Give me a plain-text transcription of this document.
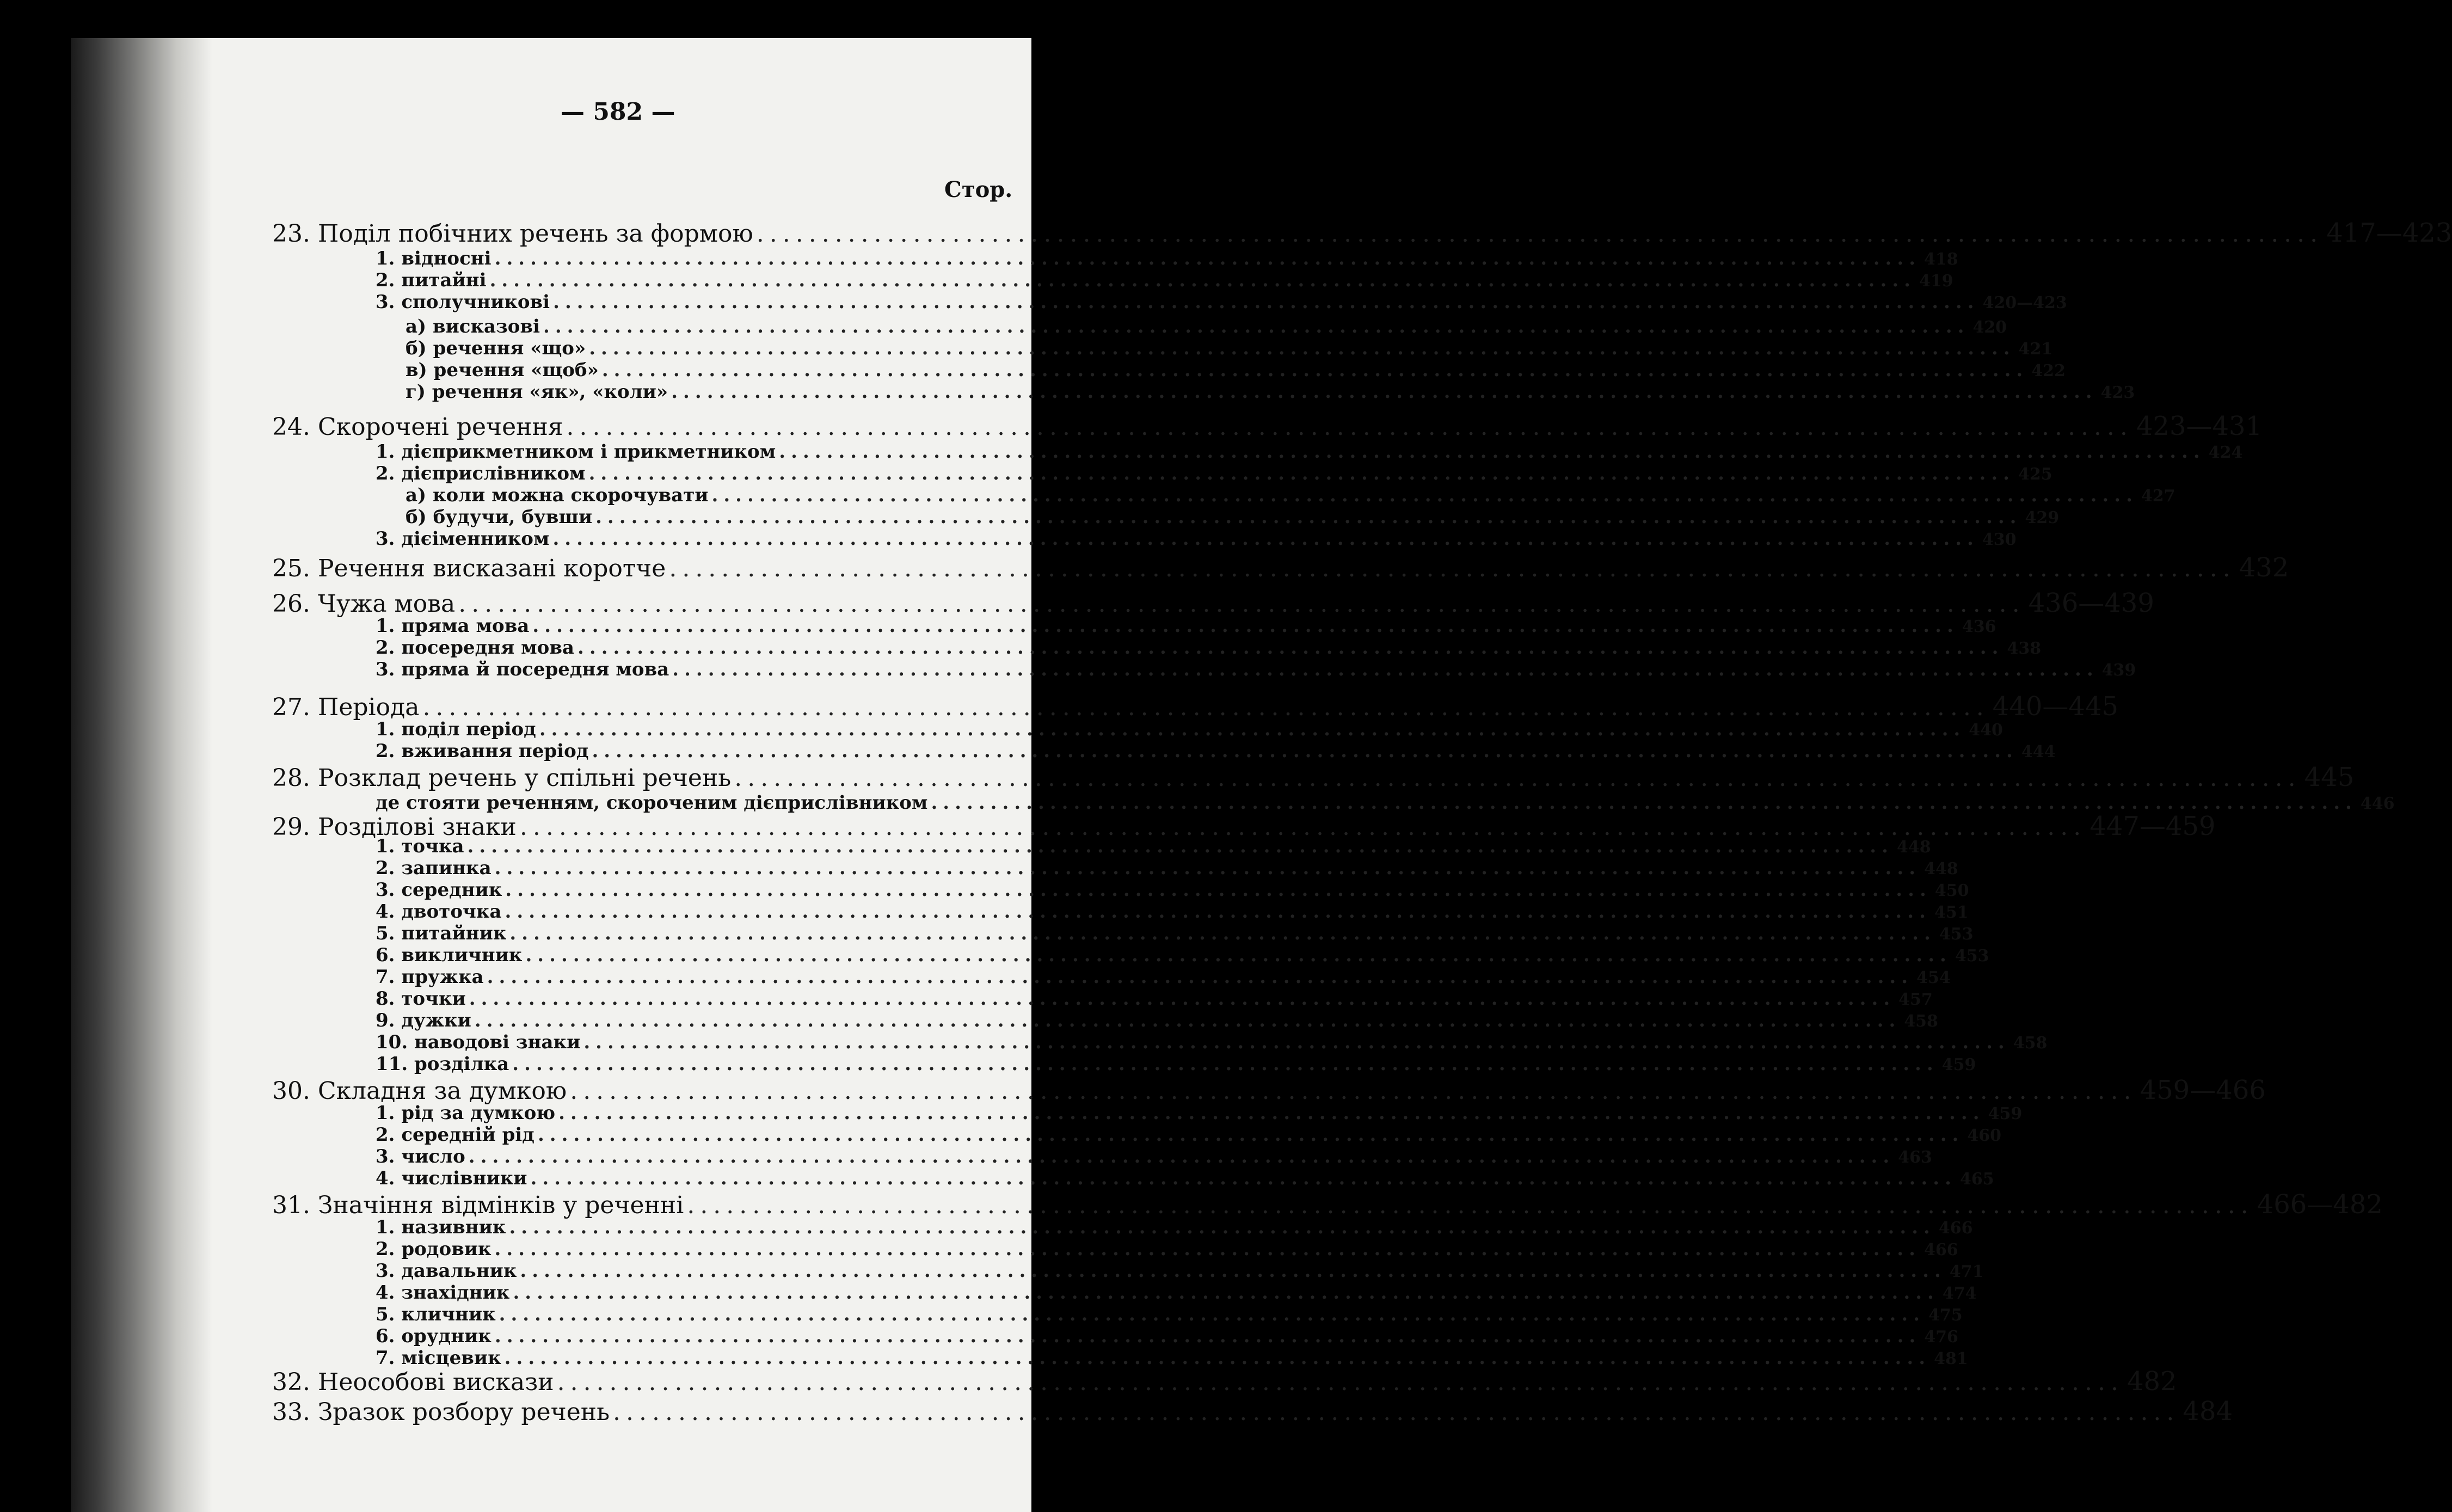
— 582 —
Стор.
23. Поділ побічних речень за формою ........................................................................................................................ 417—423
1. відносні ........................................................................................................................ 418
2. питайні ........................................................................................................................ 419
3. сполучникові ........................................................................................................................ 420—423
а) висказові ........................................................................................................................ 420
б) речення «що» ........................................................................................................................ 421
в) речення «щоб» ........................................................................................................................ 422
г) речення «як», «коли» ........................................................................................................................ 423
24. Скорочені речення ........................................................................................................................ 423—431
1. дієприкметником і прикметником ........................................................................................................................ 424
2. дієприслівником ........................................................................................................................ 425
а) коли можна скорочувати ........................................................................................................................ 427
б) будучи, бувши ........................................................................................................................ 429
3. дієіменником ........................................................................................................................ 430
25. Речення висказані коротче ........................................................................................................................ 432
26. Чужа мова ........................................................................................................................ 436—439
1. пряма мова ........................................................................................................................ 436
2. посередня мова ........................................................................................................................ 438
3. пряма й посередня мова ........................................................................................................................ 439
27. Періода ........................................................................................................................ 440—445
1. поділ період ........................................................................................................................ 440
2. вживання період ........................................................................................................................ 444
28. Розклад речень у спільні речень ........................................................................................................................ 445
де стояти реченням, скороченим дієприслівником ........................................................................................................................ 446
29. Розділові знаки ........................................................................................................................ 447—459
1. точка ........................................................................................................................ 448
2. запинка ........................................................................................................................ 448
3. середник ........................................................................................................................ 450
4. двоточка ........................................................................................................................ 451
5. питайник ........................................................................................................................ 453
6. викличник ........................................................................................................................ 453
7. пружка ........................................................................................................................ 454
8. точки ........................................................................................................................ 457
9. дужки ........................................................................................................................ 458
10. наводові знаки ........................................................................................................................ 458
11. розділка ........................................................................................................................ 459
30. Складня за думкою ........................................................................................................................ 459—466
1. рід за думкою ........................................................................................................................ 459
2. середній рід ........................................................................................................................ 460
3. число ........................................................................................................................ 463
4. числівники ........................................................................................................................ 465
31. Значіння відмінків у реченні ........................................................................................................................ 466—482
1. називник ........................................................................................................................ 466
2. родовик ........................................................................................................................ 466
3. давальник ........................................................................................................................ 471
4. знахідник ........................................................................................................................ 474
5. кличник ........................................................................................................................ 475
6. орудник ........................................................................................................................ 476
7. місцевик ........................................................................................................................ 481
32. Неособові вискази ........................................................................................................................ 482
33. Зразок розбору речень ........................................................................................................................ 484
